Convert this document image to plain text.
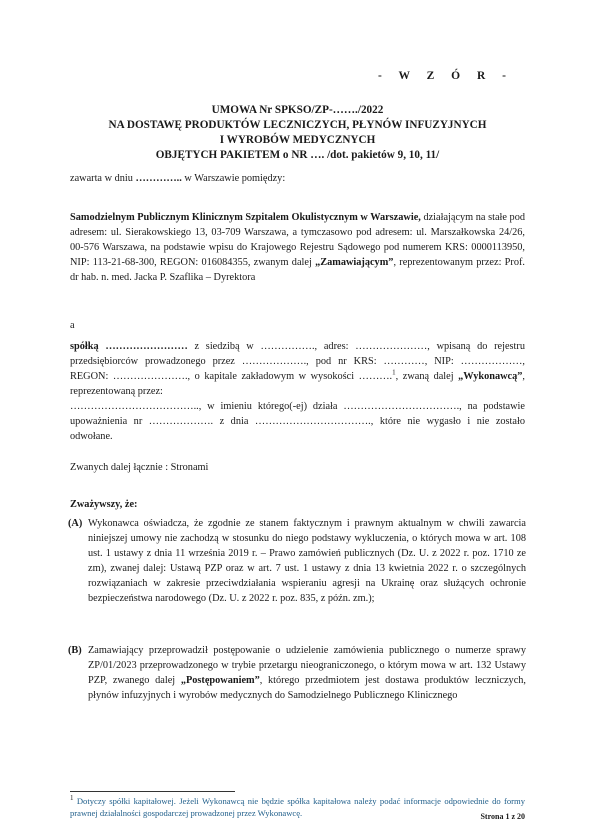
- W Z Ó R -
UMOWA Nr SPKSO/ZP-……./2022
NA DOSTAWĘ PRODUKTÓW LECZNICZYCH, PŁYNÓW INFUZYJNYCH
I WYROBÓW MEDYCZNYCH
OBJĘTYCH PAKIETEM o NR …. /dot. pakietów 9, 10, 11/
zawarta w dniu ………….. w Warszawie pomiędzy:
Samodzielnym Publicznym Klinicznym Szpitalem Okulistycznym w Warszawie, działającym na stałe pod adresem: ul. Sierakowskiego 13, 03-709 Warszawa, a tymczasowo pod adresem: ul. Marszałkowska 24/26, 00-576 Warszawa, na podstawie wpisu do Krajowego Rejestru Sądowego pod numerem KRS: 0000113950, NIP: 113-21-68-300, REGON: 016084355, zwanym dalej „Zamawiającym”, reprezentowanym przez: Prof. dr hab. n. med. Jacka P. Szaflika – Dyrektora
a
spółką …………………… z siedzibą w ……………., adres: …………………, wpisaną do rejestru przedsiębiorców prowadzonego przez ………………., pod nr KRS: …………, NIP: ………………, REGON: …………………., o kapitale zakładowym w wysokości ……….$^1$, zwaną dalej „Wykonawcą”, reprezentowaną przez:
……………………………….., w imieniu którego(-ej) działa ……………………………., na podstawie upoważnienia nr ………………. z dnia ……………………………., które nie wygasło i nie zostało odwołane.
Zwanych dalej łącznie : Stronami
Zważywszy, że:
(A) Wykonawca oświadcza, że zgodnie ze stanem faktycznym i prawnym aktualnym w chwili zawarcia niniejszej umowy nie zachodzą w stosunku do niego podstawy wykluczenia, o których mowa w art. 108 ust. 1 ustawy z dnia 11 września 2019 r. – Prawo zamówień publicznych (Dz. U. z 2022 r. poz. 1710 ze zm), zwanej dalej: Ustawą PZP oraz w art. 7 ust. 1 ustawy z dnia 13 kwietnia 2022 r. o szczególnych rozwiązaniach w zakresie przeciwdziałania wspieraniu agresji na Ukrainę oraz służących ochronie bezpieczeństwa narodowego (Dz. U. z 2022 r. poz. 835, z późn. zm.);
(B) Zamawiający przeprowadził postępowanie o udzielenie zamówienia publicznego o numerze sprawy ZP/01/2023 przeprowadzonego w trybie przetargu nieograniczonego, o którym mowa w art. 132 Ustawy PZP, zwanego dalej „Postępowaniem”, którego przedmiotem jest dostawa produktów leczniczych, płynów infuzyjnych i wyrobów medycznych do Samodzielnego Publicznego Klinicznego
$^1$ Dotyczy spółki kapitałowej. Jeżeli Wykonawcą nie będzie spółka kapitałowa należy podać informacje odpowiednie do formy prawnej działalności gospodarczej prowadzonej przez Wykonawcę.	Strona 1 z 20
